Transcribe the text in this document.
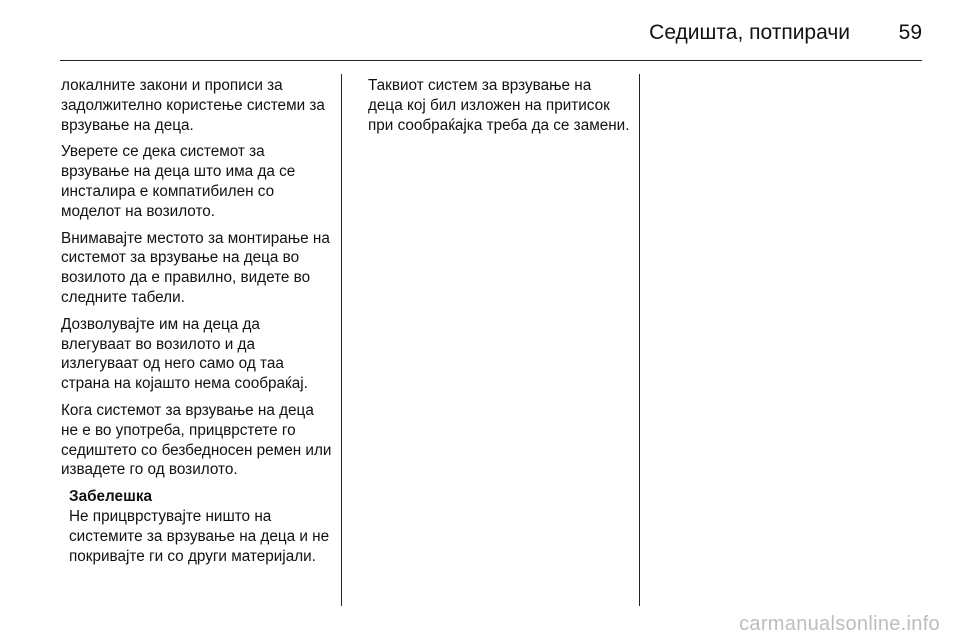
Седишта, потпирачи	59

локалните закони и прописи за задолжително користење системи за врзување на деца.

Уверете се дека системот за врзување на деца што има да се инсталира е компатибилен со моделот на возилото.

Внимавајте местото за монтирање на системот за врзување на деца во возилото да е правилно, видете во следните табели.

Дозволувајте им на деца да влегуваат во возилото и да излегуваат од него само од таа страна на којашто нема сообраќај.

Кога системот за врзување на деца не е во употреба, прицврстете го седиштето со безбедносен ремен или извадете го од возилото.

Забелешка
Не прицврстувајте ништо на системите за врзување на деца и не покривајте ги со други материјали.

Таквиот систем за врзување на деца кој бил изложен на притисок при сообраќајка треба да се замени.

carmanualsonline.info
